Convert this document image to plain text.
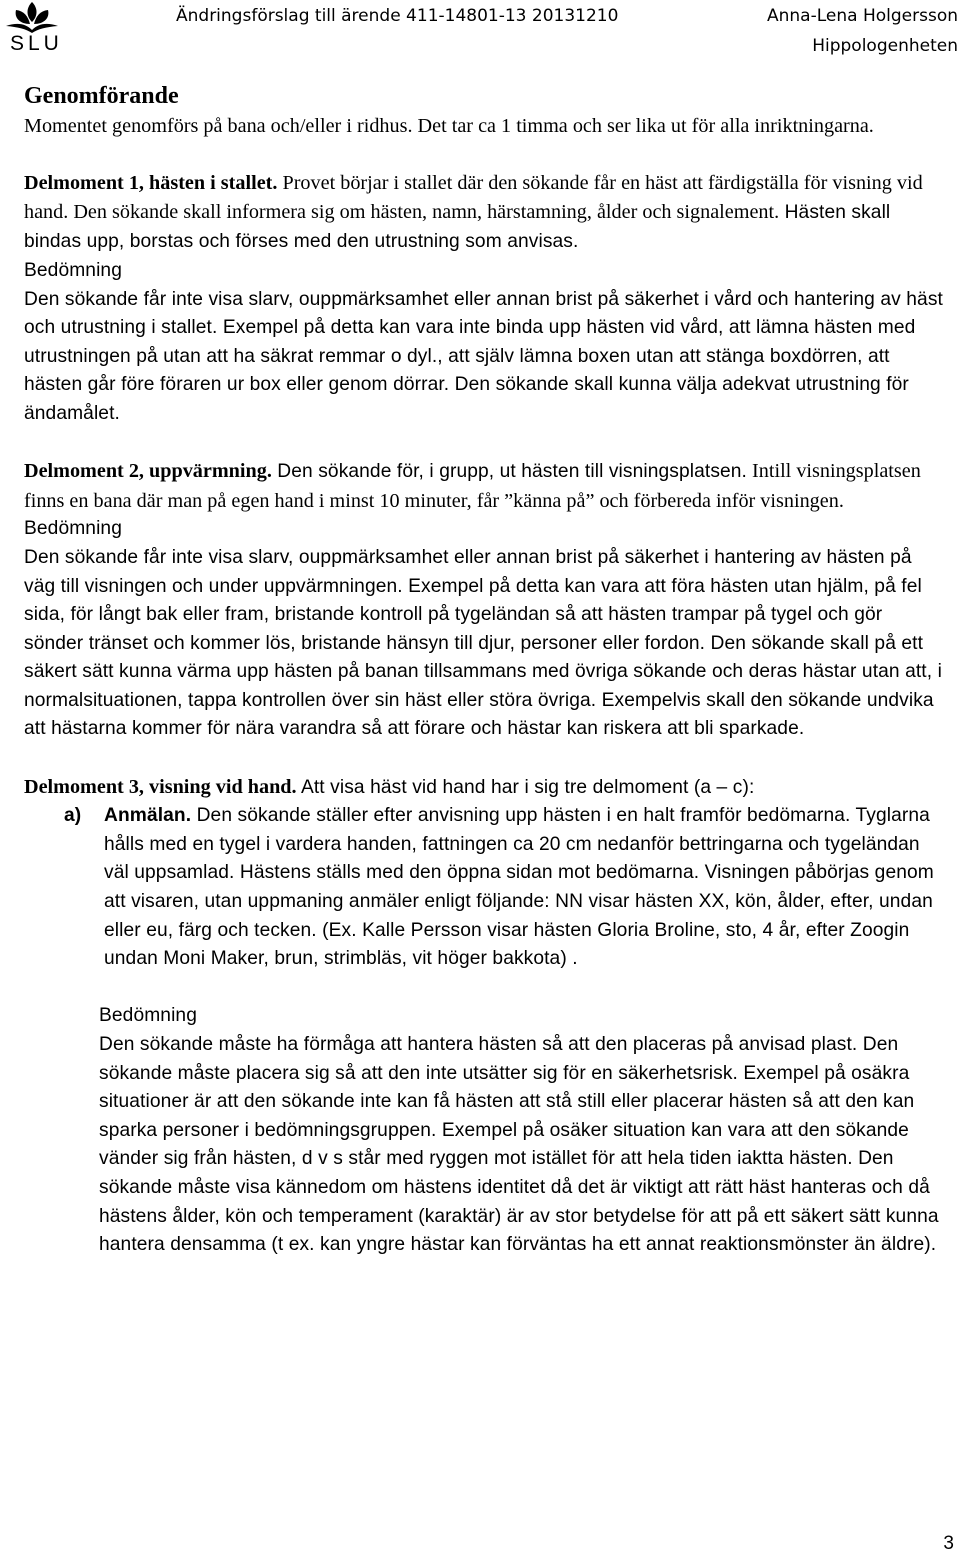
SLU
Ändringsförslag till ärende 411-14801-13 20131210	Anna-Lena Holgersson
Hippologenheten
Genomförande

Momentet genomförs på bana och/eller i ridhus. Det tar ca 1 timma och ser lika ut för alla inriktningarna.

Delmoment 1, hästen i stallet. Provet börjar i stallet där den sökande får en häst att färdigställa för visning vid hand. Den sökande skall informera sig om hästen, namn, härstamning, ålder och signalement. Hästen skall bindas upp, borstas och förses med den utrustning som anvisas.

Bedömning

Den sökande får inte visa slarv, ouppmärksamhet eller annan brist på säkerhet i vård och hantering av häst och utrustning i stallet. Exempel på detta kan vara inte binda upp hästen vid vård, att lämna hästen med utrustningen på utan att ha säkrat remmar o dyl., att själv lämna boxen utan att stänga boxdörren, att hästen går före föraren ur box eller genom dörrar. Den sökande skall kunna välja adekvat utrustning för ändamålet.

Delmoment 2, uppvärmning. Den sökande för, i grupp, ut hästen till visningsplatsen. Intill visningsplatsen finns en bana där man på egen hand i minst 10 minuter, får ”känna på” och förbereda inför visningen.

Bedömning

Den sökande får inte visa slarv, ouppmärksamhet eller annan brist på säkerhet i hantering av hästen på väg till visningen och under uppvärmningen. Exempel på detta kan vara att föra hästen utan hjälm, på fel sida, för långt bak eller fram, bristande kontroll på tygeländan så att hästen trampar på tygel och gör sönder tränset och kommer lös, bristande hänsyn till djur, personer eller fordon. Den sökande skall på ett säkert sätt kunna värma upp hästen på banan tillsammans med övriga sökande och deras hästar utan att, i normalsituationen, tappa kontrollen över sin häst eller störa övriga. Exempelvis skall den sökande undvika att hästarna kommer för nära varandra så att förare och hästar kan riskera att bli sparkade.

Delmoment 3, visning vid hand. Att visa häst vid hand har i sig tre delmoment (a – c):

a) Anmälan. Den sökande ställer efter anvisning upp hästen i en halt framför bedömarna. Tyglarna hålls med en tygel i vardera handen, fattningen ca 20 cm nedanför bettringarna och tygeländan väl uppsamlad. Hästens ställs med den öppna sidan mot bedömarna. Visningen påbörjas genom att visaren, utan uppmaning anmäler enligt följande: NN visar hästen XX, kön, ålder, efter, undan eller eu, färg och tecken. (Ex. Kalle Persson visar hästen Gloria Broline, sto, 4 år, efter Zoogin undan Moni Maker, brun, strimbläs, vit höger bakkota) .

Bedömning

Den sökande måste ha förmåga att hantera hästen så att den placeras på anvisad plast. Den sökande måste placera sig så att den inte utsätter sig för en säkerhetsrisk. Exempel på osäkra situationer är att den sökande inte kan få hästen att stå still eller placerar hästen så att den kan sparka personer i bedömningsgruppen. Exempel på osäker situation kan vara att den sökande vänder sig från hästen, d v s står med ryggen mot istället för att hela tiden iaktta hästen. Den sökande måste visa kännedom om hästens identitet då det är viktigt att rätt häst hanteras och då hästens ålder, kön och temperament (karaktär) är av stor betydelse för att på ett säkert sätt kunna hantera densamma (t ex. kan yngre hästar kan förväntas ha ett annat reaktionsmönster än äldre).

3
